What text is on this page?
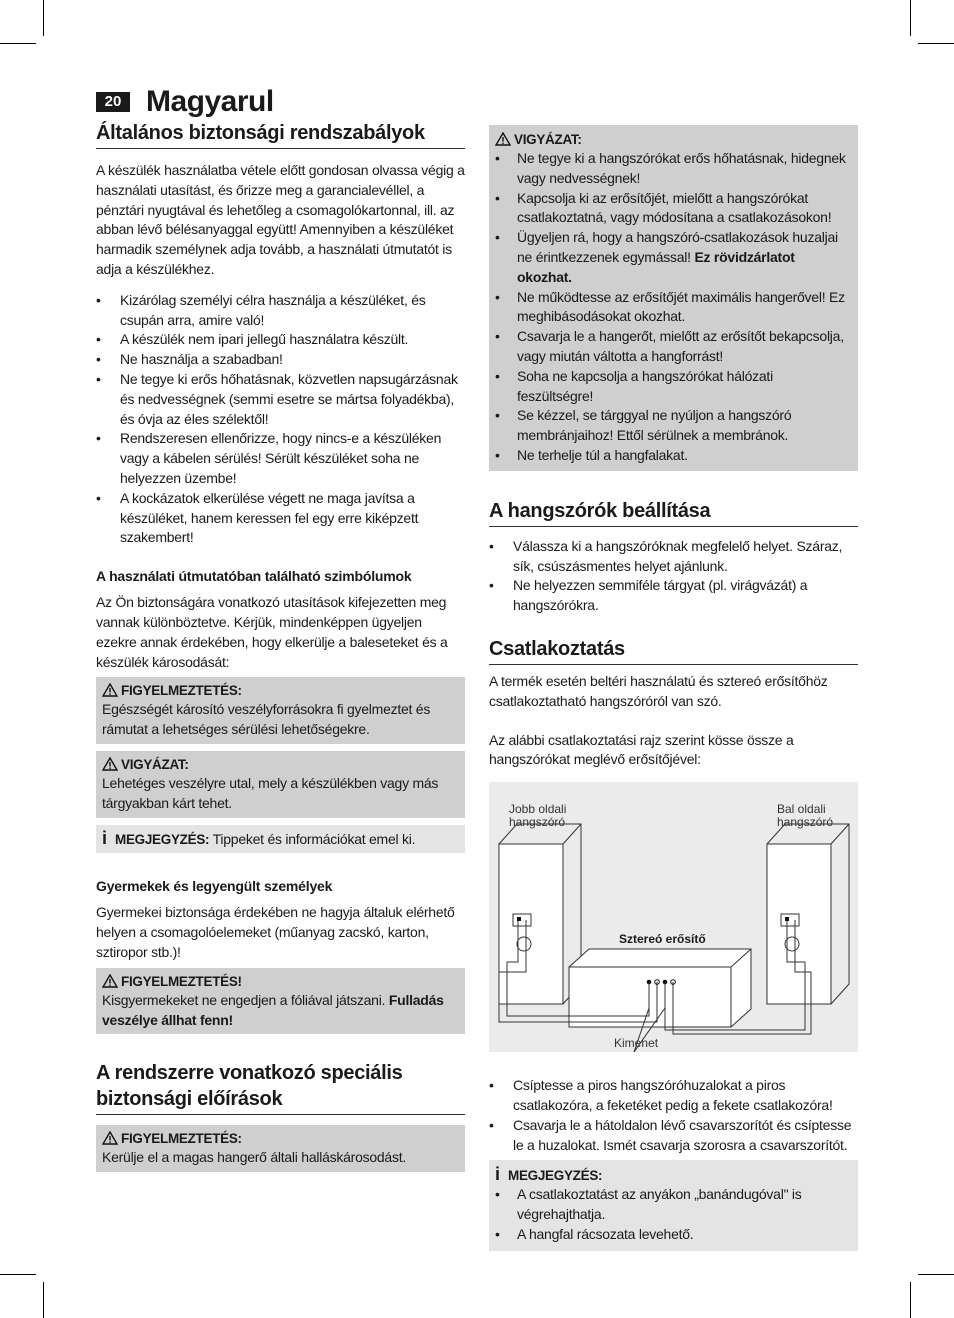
20 Magyarul
Általános biztonsági rendszabályok

A készülék használatba vétele előtt gondosan olvassa végig a használati utasítást, és őrizze meg a garancialevéllel, a pénztári nyugtával és lehetőleg a csomagolókartonnal, ill. az abban lévő bélésanyaggal együtt! Amennyiben a készüléket harmadik személynek adja tovább, a használati útmutatót is adja a készülékhez.

• Kizárólag személyi célra használja a készüléket, és csupán arra, amire való!
• A készülék nem ipari jellegű használatra készült.
• Ne használja a szabadban!
• Ne tegye ki erős hőhatásnak, közvetlen napsugárzásnak és nedvességnek (semmi esetre se mártsa folyadékba), és óvja az éles szélektől!
• Rendszeresen ellenőrizze, hogy nincs-e a készüléken vagy a kábelen sérülés! Sérült készüléket soha ne helyezzen üzembe!
• A kockázatok elkerülése végett ne maga javítsa a készüléket, hanem keressen fel egy erre kiképzett szakembert!
A használati útmutatóban található szimbólumok

Az Ön biztonságára vonatkozó utasítások kifejezetten meg vannak különböztetve. Kérjük, mindenképpen ügyeljen ezekre annak érdekében, hogy elkerülje a baleseteket és a készülék károsodását:

FIGYELMEZTETÉS:

Egészségét károsító veszélyforrásokra fi gyelmeztet és rámutat a lehetséges sérülési lehetőségekre.

VIGYÁZAT:

Lehetéges veszélyre utal, mely a készülékben vagy más tárgyakban kárt tehet.

i MEGJEGYZÉS: Tippeket és információkat emel ki.

Gyermekek és legyengült személyek

Gyermekei biztonsága érdekében ne hagyja általuk elérhető helyen a csomagolóelemeket (műanyag zacskó, karton, sztiropor stb.)!

FIGYELMEZTETÉS!

Kisgyermekeket ne engedjen a fóliával játszani. Fulladás veszélye állhat fenn!

A rendszerre vonatkozó speciális biztonsági előírások
FIGYELMEZTETÉS:

Kerülje el a magas hangerő általi halláskárosodást.

VIGYÁZAT:
• Ne tegye ki a hangszórókat erős hőhatásnak, hidegnek vagy nedvességnek!
• Kapcsolja ki az erősítőjét, mielőtt a hangszórókat csatlakoztatná, vagy módosítana a csatlakozásokon!
• Ügyeljen rá, hogy a hangszóró-csatlakozások huzaljai ne érintkezzenek egymással! Ez rövidzárlatot okozhat.
• Ne működtesse az erősítőjét maximális hangerővel! Ez meghibásodásokat okozhat.
• Csavarja le a hangerőt, mielőtt az erősítőt bekapcsolja, vagy miután váltotta a hangforrást!
• Soha ne kapcsolja a hangszórókat hálózati feszültségre!
• Se kézzel, se tárggyal ne nyúljon a hangszóró membránjaihoz! Ettől sérülnek a membránok.
• Ne terhelje túl a hangfalakat.
A hangszórók beállítása
• Válassza ki a hangszóróknak megfelelő helyet. Száraz, sík, csúszásmentes helyet ajánlunk.
• Ne helyezzen semmiféle tárgyat (pl. virágvázát) a hangszórókra.
Csatlakoztatás

A termék esetén beltéri használatú és sztereó erősítőhöz csatlakoztatható hangszóróról van szó.

Az alábbi csatlakoztatási rajz szerint kösse össze a hangszórókat meglévő erősítőjével:

Jobb oldali
hangszóró
Bal oldali
hangszóró
Sztereó erősítő
Kimenet
• Csíptesse a piros hangszóróhuzalokat a piros csatlakozóra, a feketéket pedig a fekete csatlakozóra!
• Csavarja le a hátoldalon lévő csavarszorítót és csíptesse le a huzalokat. Ismét csavarja szorosra a csavarszorítót.
i MEGJEGYZÉS:
• A csatlakoztatást az anyákon „banándugóval" is végrehajthatja.
• A hangfal rácsozata levehető.
